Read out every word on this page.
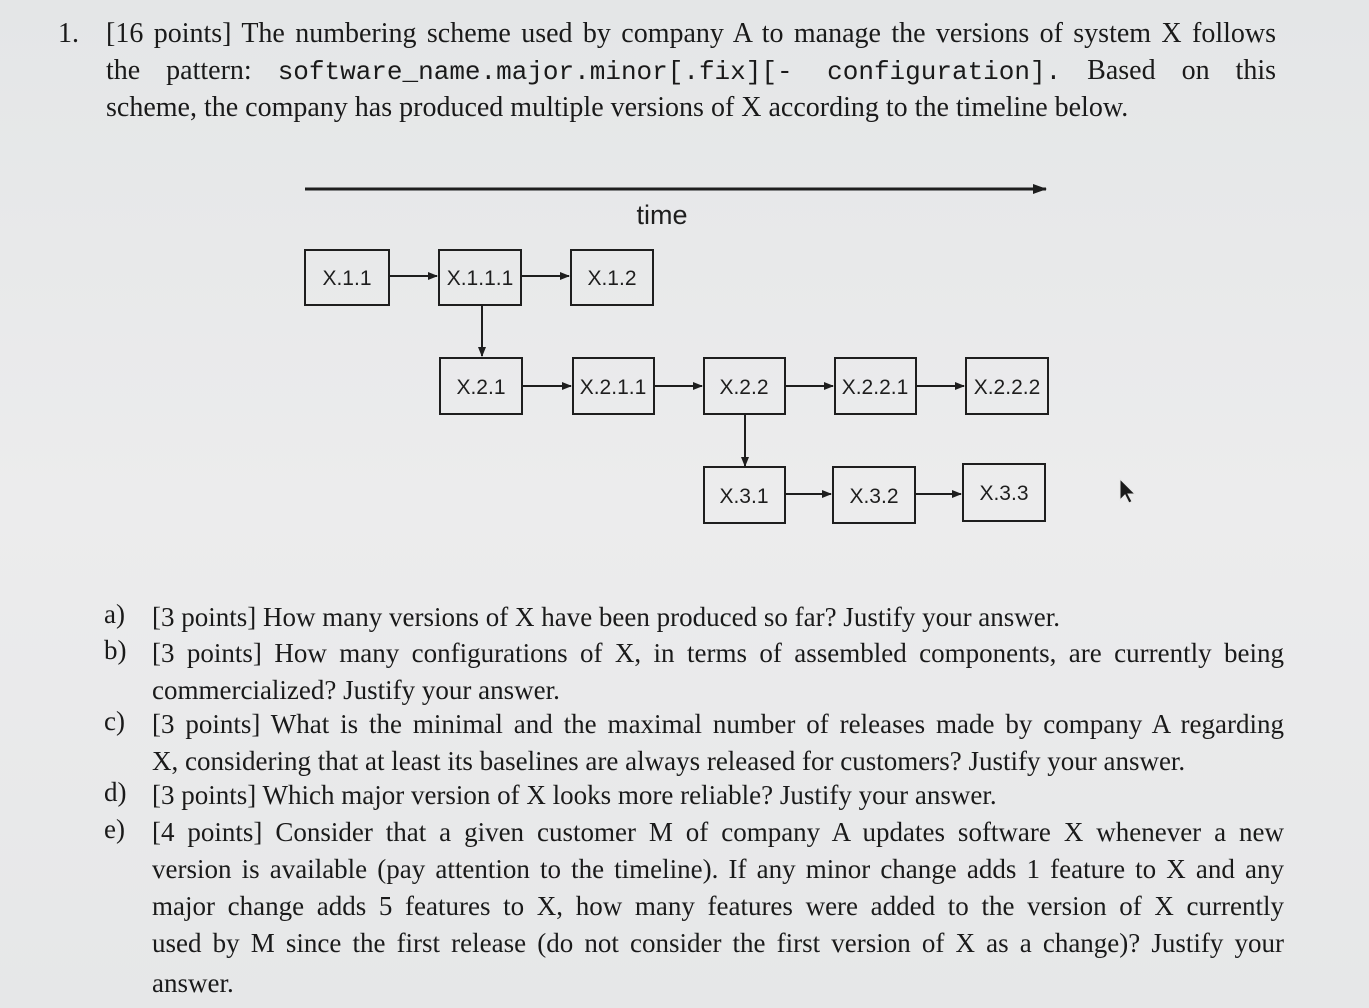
1. [16 points] The numbering scheme used by company A to manage the versions of system X follows
the pattern: software_name.major.minor[.fix][- configuration]. Based on this
scheme, the company has produced multiple versions of X according to the timeline below.
time
X.1.1	X.1.1.1	X.1.2
X.2.1	X.2.1.1	X.2.2	X.2.2.1	X.2.2.2
X.3.1	X.3.2	X.3.3
a) [3 points] How many versions of X have been produced so far? Justify your answer.
b) [3 points] How many configurations of X, in terms of assembled components, are currently being
commercialized? Justify your answer.
c) [3 points] What is the minimal and the maximal number of releases made by company A regarding
X, considering that at least its baselines are always released for customers? Justify your answer.
d) [3 points] Which major version of X looks more reliable? Justify your answer.
e) [4 points] Consider that a given customer M of company A updates software X whenever a new
version is available (pay attention to the timeline). If any minor change adds 1 feature to X and any
major change adds 5 features to X, how many features were added to the version of X currently
used by M since the first release (do not consider the first version of X as a change)? Justify your
answer.
